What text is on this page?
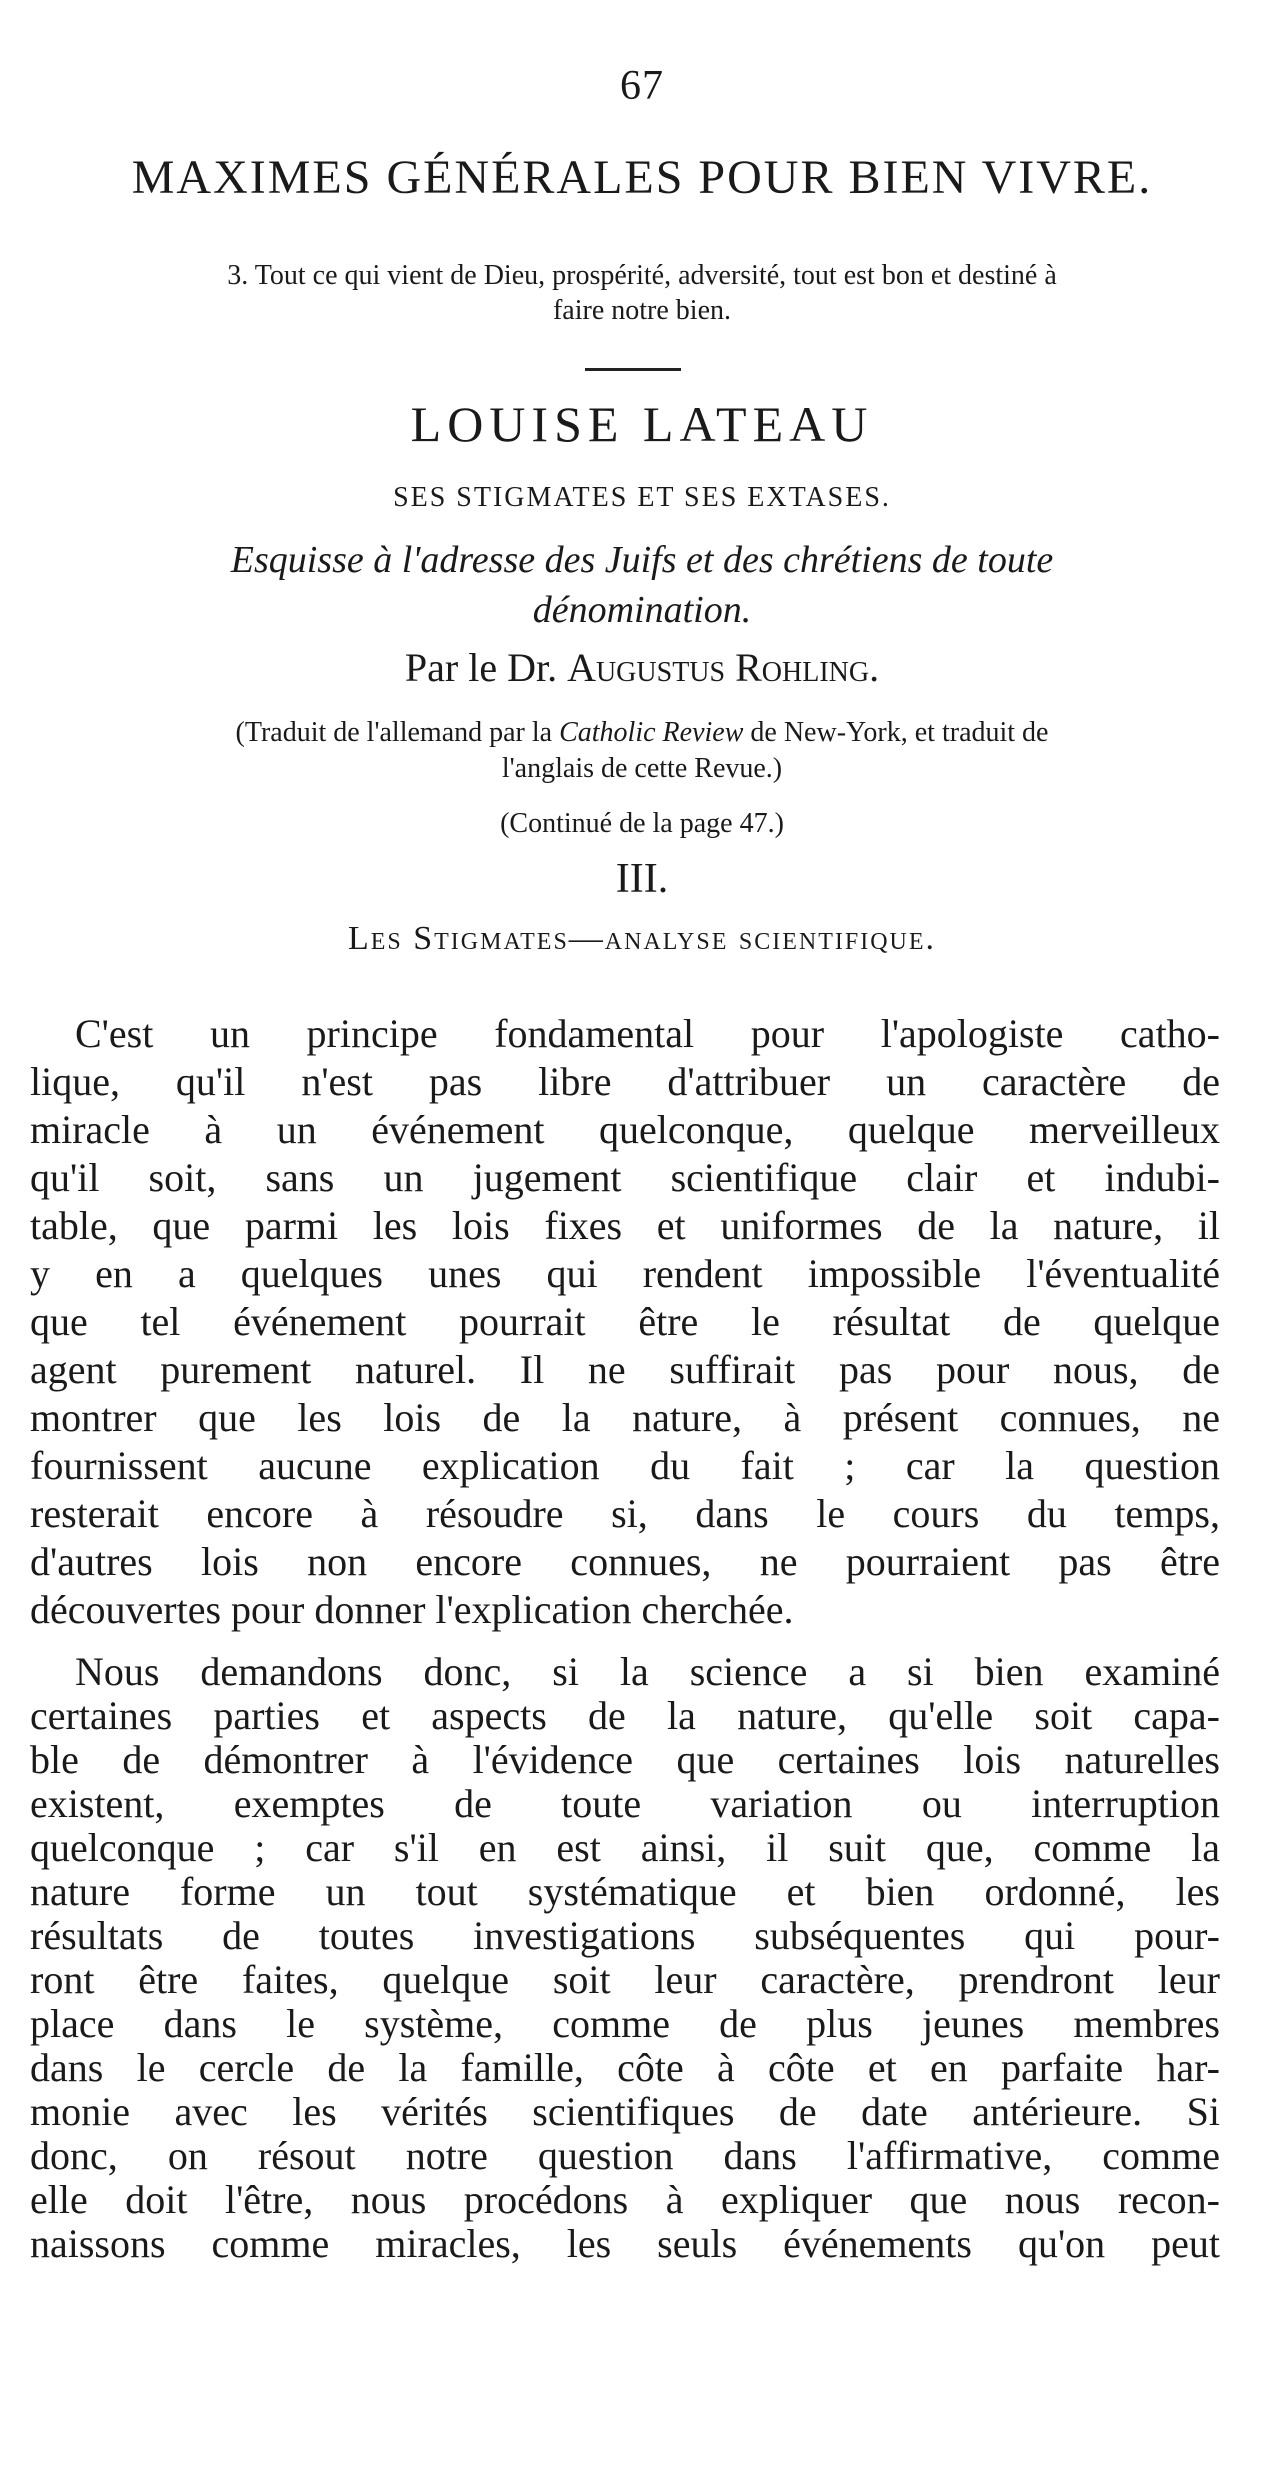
67
MAXIMES GÉNÉRALES POUR BIEN VIVRE.
3. Tout ce qui vient de Dieu, prospérité, adversité, tout est bon et destiné à
faire notre bien.
LOUISE LATEAU
SES STIGMATES ET SES EXTASES.
Esquisse à l'adresse des Juifs et des chrétiens de toute
dénomination.
Par le Dr. Augustus Rohling.
(Traduit de l'allemand par la Catholic Review de New-York, et traduit de
l'anglais de cette Revue.)
(Continué de la page 47.)
III.
Les Stigmates—analyse scientifique.
C'est un principe fondamental pour l'apologiste catho-
lique, qu'il n'est pas libre d'attribuer un caractère de
miracle à un événement quelconque, quelque merveilleux
qu'il soit, sans un jugement scientifique clair et indubi-
table, que parmi les lois fixes et uniformes de la nature, il
y en a quelques unes qui rendent impossible l'éventualité
que tel événement pourrait être le résultat de quelque
agent purement naturel. Il ne suffirait pas pour nous, de
montrer que les lois de la nature, à présent connues, ne
fournissent aucune explication du fait ; car la question
resterait encore à résoudre si, dans le cours du temps,
d'autres lois non encore connues, ne pourraient pas être
découvertes pour donner l'explication cherchée.
Nous demandons donc, si la science a si bien examiné
certaines parties et aspects de la nature, qu'elle soit capa-
ble de démontrer à l'évidence que certaines lois naturelles
existent, exemptes de toute variation ou interruption
quelconque ; car s'il en est ainsi, il suit que, comme la
nature forme un tout systématique et bien ordonné, les
résultats de toutes investigations subséquentes qui pour-
ront être faites, quelque soit leur caractère, prendront leur
place dans le système, comme de plus jeunes membres
dans le cercle de la famille, côte à côte et en parfaite har-
monie avec les vérités scientifiques de date antérieure. Si
donc, on résout notre question dans l'affirmative, comme
elle doit l'être, nous procédons à expliquer que nous recon-
naissons comme miracles, les seuls événements qu'on peut
